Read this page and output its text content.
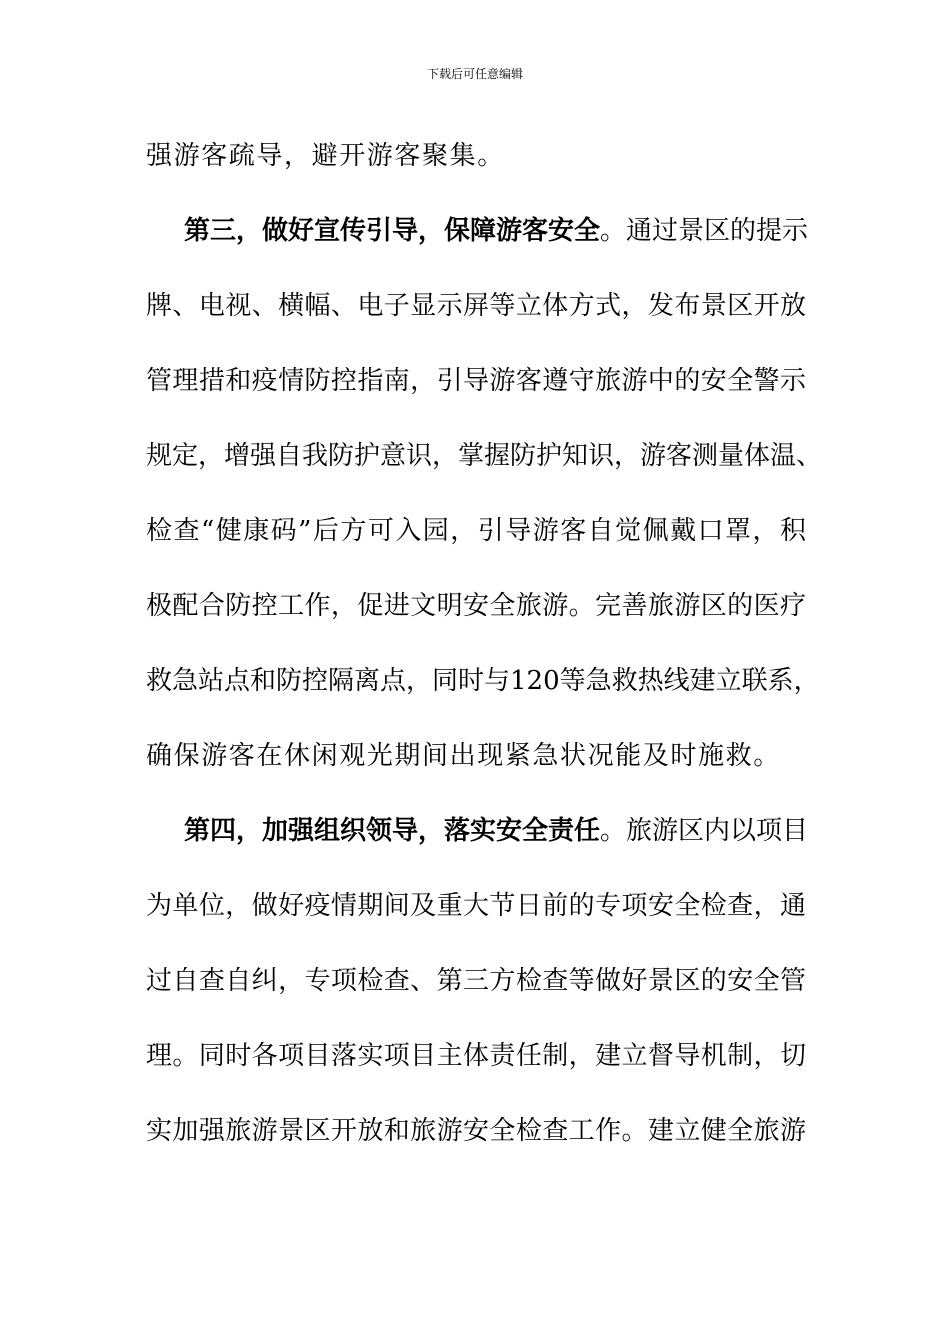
下载后可任意编辑
强游客疏导，避开游客聚集。
第三，做好宣传引导，保障游客安全。通过景区的提示
牌、电视、横幅、电子显示屏等立体方式，发布景区开放
管理措和疫情防控指南，引导游客遵守旅游中的安全警示
规定，增强自我防护意识，掌握防护知识，游客测量体温、
检查“健康码”后方可入园，引导游客自觉佩戴口罩，积
极配合防控工作，促进文明安全旅游。完善旅游区的医疗
救急站点和防控隔离点，同时与120等急救热线建立联系，
确保游客在休闲观光期间出现紧急状况能及时施救。
第四，加强组织领导，落实安全责任。旅游区内以项目
为单位，做好疫情期间及重大节日前的专项安全检查，通
过自查自纠，专项检查、第三方检查等做好景区的安全管
理。同时各项目落实项目主体责任制，建立督导机制，切
实加强旅游景区开放和旅游安全检查工作。建立健全旅游
